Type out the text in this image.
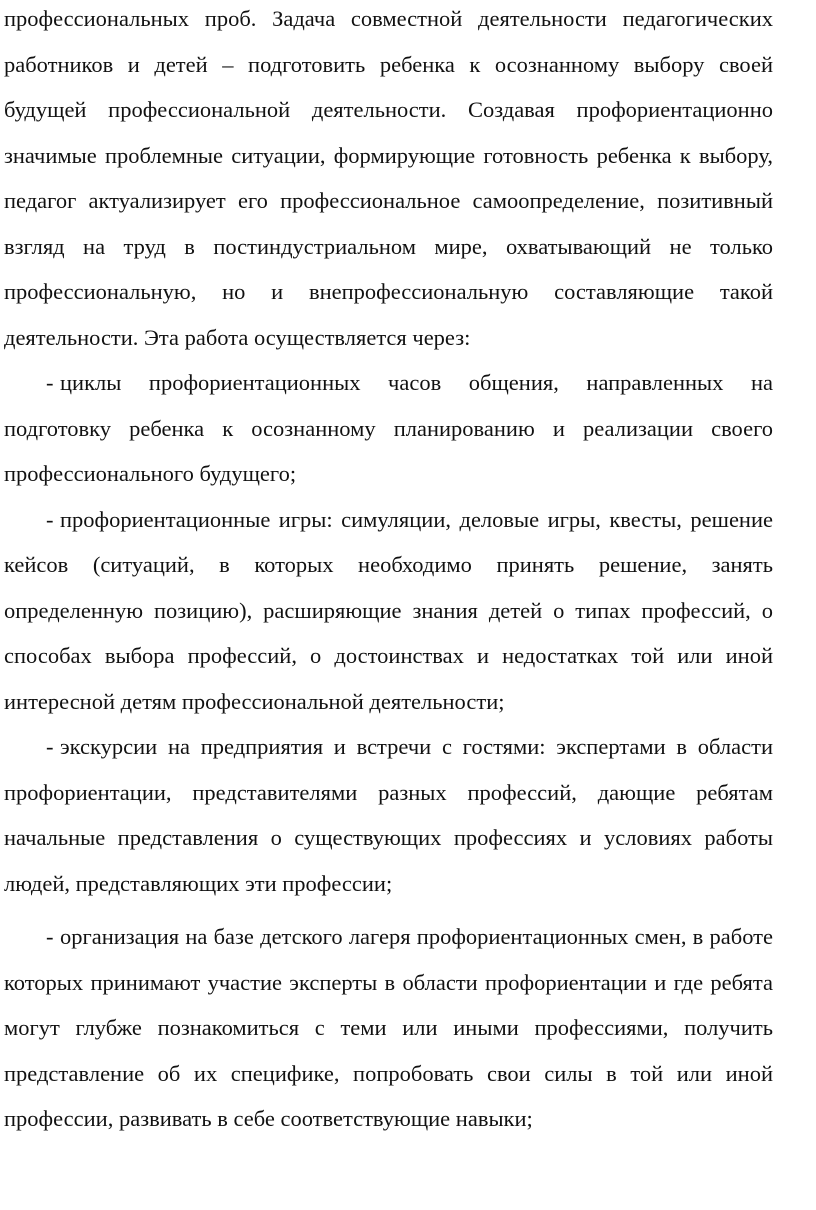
профессиональных проб. Задача совместной деятельности педагогических работников и детей – подготовить ребенка к осознанному выбору своей будущей профессиональной деятельности. Создавая профориентационно значимые проблемные ситуации, формирующие готовность ребенка к выбору, педагог актуализирует его профессиональное самоопределение, позитивный взгляд на труд в постиндустриальном мире, охватывающий не только профессиональную, но и внепрофессиональную составляющие такой деятельности. Эта работа осуществляется через:

- циклы профориентационных часов общения, направленных на подготовку ребенка к осознанному планированию и реализации своего профессионального будущего;

- профориентационные игры: симуляции, деловые игры, квесты, решение кейсов (ситуаций, в которых необходимо принять решение, занять определенную позицию), расширяющие знания детей о типах профессий, о способах выбора профессий, о достоинствах и недостатках той или иной интересной детям профессиональной деятельности;

- экскурсии на предприятия и встречи с гостями: экспертами в области профориентации, представителями разных профессий, дающие ребятам начальные представления о существующих профессиях и условиях работы людей, представляющих эти профессии;

- организация на базе детского лагеря профориентационных смен, в работе которых принимают участие эксперты в области профориентации и где ребята могут глубже познакомиться с теми или иными профессиями, получить представление об их специфике, попробовать свои силы в той или иной профессии, развивать в себе соответствующие навыки;
